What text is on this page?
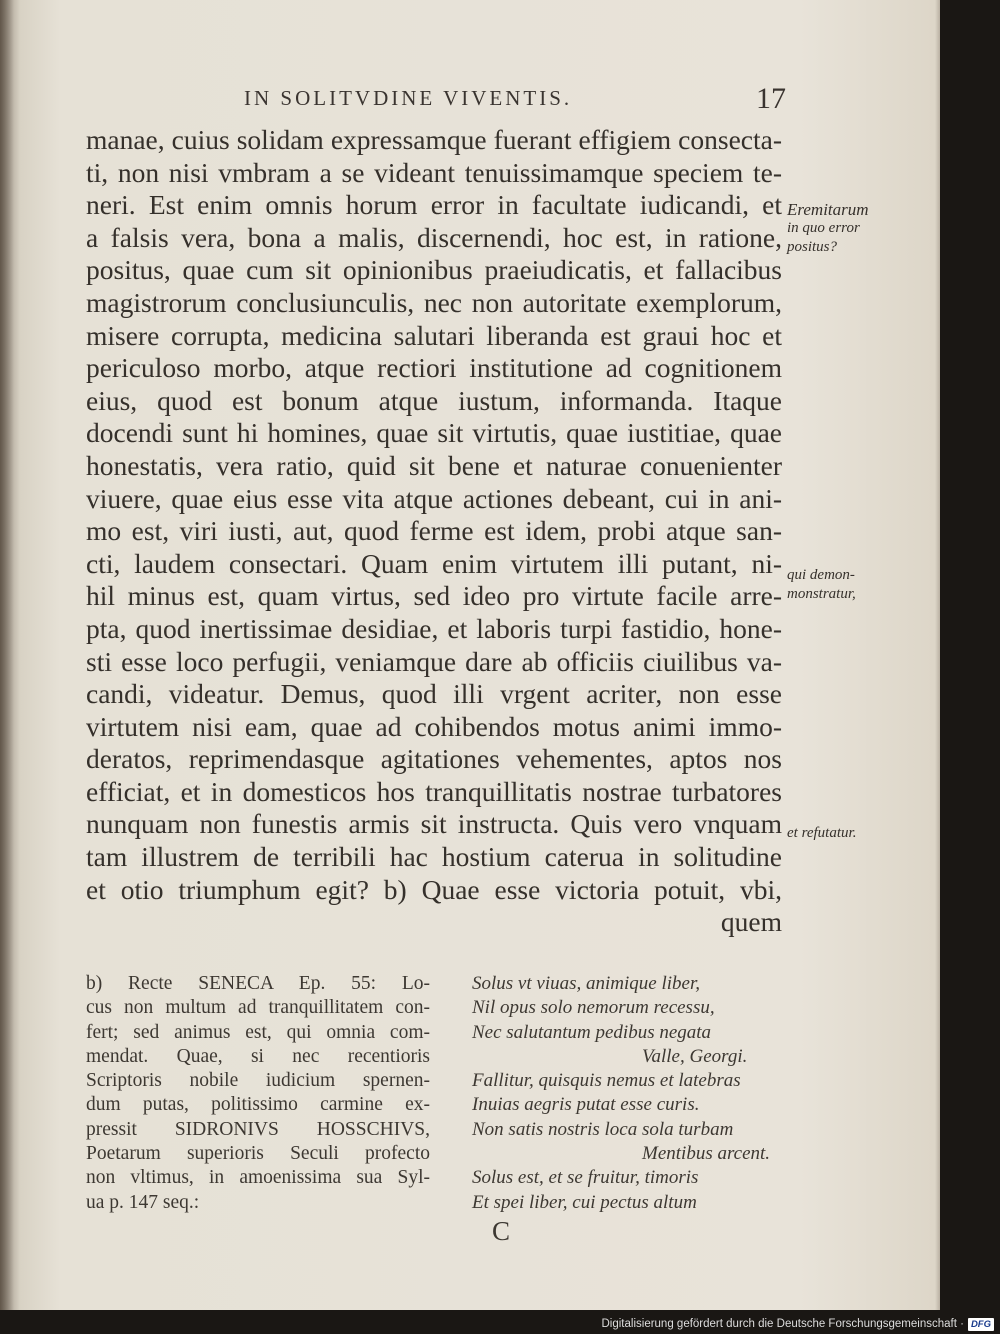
IN SOLITVDINE VIVENTIS.	17
manae, cuius solidam expressamque fuerant effigiem consecta-
ti, non nisi vmbram a se videant tenuissimamque speciem te-
neri. Est enim omnis horum error in facultate iudicandi, et
a falsis vera, bona a malis, discernendi, hoc est, in ratione,
positus, quae cum sit opinionibus praeiudicatis, et fallacibus
magistrorum conclusiunculis, nec non autoritate exemplorum,
misere corrupta, medicina salutari liberanda est graui hoc et
periculoso morbo, atque rectiori institutione ad cognitionem
eius, quod est bonum atque iustum, informanda. Itaque
docendi sunt hi homines, quae sit virtutis, quae iustitiae, quae
honestatis, vera ratio, quid sit bene et naturae conuenienter
viuere, quae eius esse vita atque actiones debeant, cui in ani-
mo est, viri iusti, aut, quod ferme est idem, probi atque san-
cti, laudem consectari. Quam enim virtutem illi putant, ni-
hil minus est, quam virtus, sed ideo pro virtute facile arre-
pta, quod inertissimae desidiae, et laboris turpi fastidio, hone-
sti esse loco perfugii, veniamque dare ab officiis ciuilibus va-
candi, videatur. Demus, quod illi vrgent acriter, non esse
virtutem nisi eam, quae ad cohibendos motus animi immo-
deratos, reprimendasque agitationes vehementes, aptos nos
efficiat, et in domesticos hos tranquillitatis nostrae turbatores
nunquam non funestis armis sit instructa. Quis vero vnquam
tam illustrem de terribili hac hostium caterua in solitudine
et otio triumphum egit? b) Quae esse victoria potuit, vbi,
quem
Eremitarum
in quo error
positus?
qui demon-
monstratur,
et refutatur.
b) Recte SENECA Ep. 55: Lo-
cus non multum ad tranquillitatem con-
fert; sed animus est, qui omnia com-
mendat. Quae, si nec recentioris
Scriptoris nobile iudicium spernen-
dum putas, politissimo carmine ex-
pressit SIDRONIVS HOSSCHIVS,
Poetarum superioris Seculi profecto
non vltimus, in amoenissima sua Syl-
ua p. 147 seq.:
Solus vt viuas, animique liber,
Nil opus solo nemorum recessu,
Nec salutantum pedibus negata
Valle, Georgi.
Fallitur, quisquis nemus et latebras
Inuias aegris putat esse curis.
Non satis nostris loca sola turbam
Mentibus arcent.
Solus est, et se fruitur, timoris
Et spei liber, cui pectus altum
C
Digitalisierung gefördert durch die Deutsche Forschungsgemeinschaft · DFG
